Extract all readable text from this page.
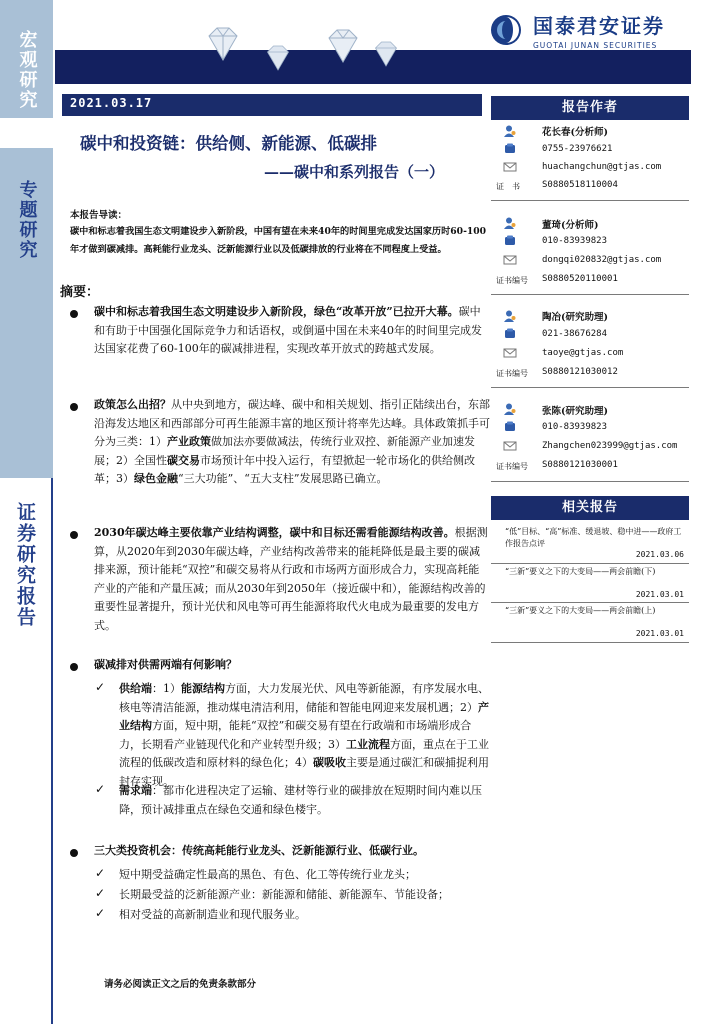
宏观研究
专题研究
证券研究报告
国泰君安证券
GUOTAI JUNAN SECURITIES
2021.03.17
碳中和投资链：供给侧、新能源、低碳排
——碳中和系列报告（一）
本报告导读：
碳中和标志着我国生态文明建设步入新阶段，中国有望在未来40年的时间里完成发达国家历时60-100年才做到碳减排。高耗能行业龙头、泛新能源行业以及低碳排放的行业将在不同程度上受益。
摘要：
碳中和标志着我国生态文明建设步入新阶段，绿色“改革开放”已拉开大幕。碳中和有助于中国强化国际竞争力和话语权，或倒逼中国在未来40年的时间里完成发达国家花费了60-100年的碳减排进程，实现改革开放式的跨越式发展。
政策怎么出招？从中央到地方，碳达峰、碳中和相关规划、指引正陆续出台，东部沿海发达地区和西部部分可再生能源丰富的地区预计将率先达峰。具体政策抓手可分为三类：1）产业政策做加法亦要做减法，传统行业双控、新能源产业加速发展；2）全国性碳交易市场预计年中投入运行，有望掀起一轮市场化的供给侧改革；3）绿色金融“三大功能”、“五大支柱”发展思路已确立。
2030年碳达峰主要依靠产业结构调整，碳中和目标还需看能源结构改善。根据测算，从2020年到2030年碳达峰，产业结构改善带来的能耗降低是最主要的碳减排来源，预计能耗“双控”和碳交易将从行政和市场两方面形成合力，实现高耗能产业的产能和产量压减；而从2030年到2050年（接近碳中和），能源结构改善的重要性显著提升，预计光伏和风电等可再生能源将取代火电成为最重要的发电方式。
碳减排对供需两端有何影响？
✓ 供给端：1）能源结构方面，大力发展光伏、风电等新能源，有序发展水电、核电等清洁能源，推动煤电清洁利用，储能和智能电网迎来发展机遇；2）产业结构方面，短中期，能耗“双控”和碳交易有望在行政端和市场端形成合力，长期看产业链现代化和产业转型升级；3）工业流程方面，重点在于工业流程的低碳改造和原材料的绿色化；4）碳吸收主要是通过碳汇和碳捕捉利用封存实现。
✓ 需求端：都市化进程决定了运输、建材等行业的碳排放在短期时间内难以压降，预计减排重点在绿色交通和绿色楼宇。
三大类投资机会：传统高耗能行业龙头、泛新能源行业、低碳行业。
✓ 短中期受益确定性最高的黑色、有色、化工等传统行业龙头；
✓ 长期最受益的泛新能源产业：新能源和储能、新能源车、节能设备；
✓ 相对受益的高新制造业和现代服务业。
报告作者
花长春(分析师)
0755-23976621
huachangchun@gtjas.com
证　书 S0880518110004
董琦(分析师)
010-83939823
dongqi020832@gtjas.com
证书编号 S0880520110001
陶冶(研究助理)
021-38676284
taoye@gtjas.com
证书编号 S0880121030012
张陈(研究助理)
010-83939823
Zhangchen023999@gtjas.com
证书编号 S0880121030001
相关报告
“低”目标、“高”标准、缓退坡、稳中进——政府工作报告点评
2021.03.06
“三新”要义之下的大变局——两会前瞻(下)
2021.03.01
“三新”要义之下的大变局——两会前瞻(上)
2021.03.01
请务必阅读正文之后的免责条款部分
